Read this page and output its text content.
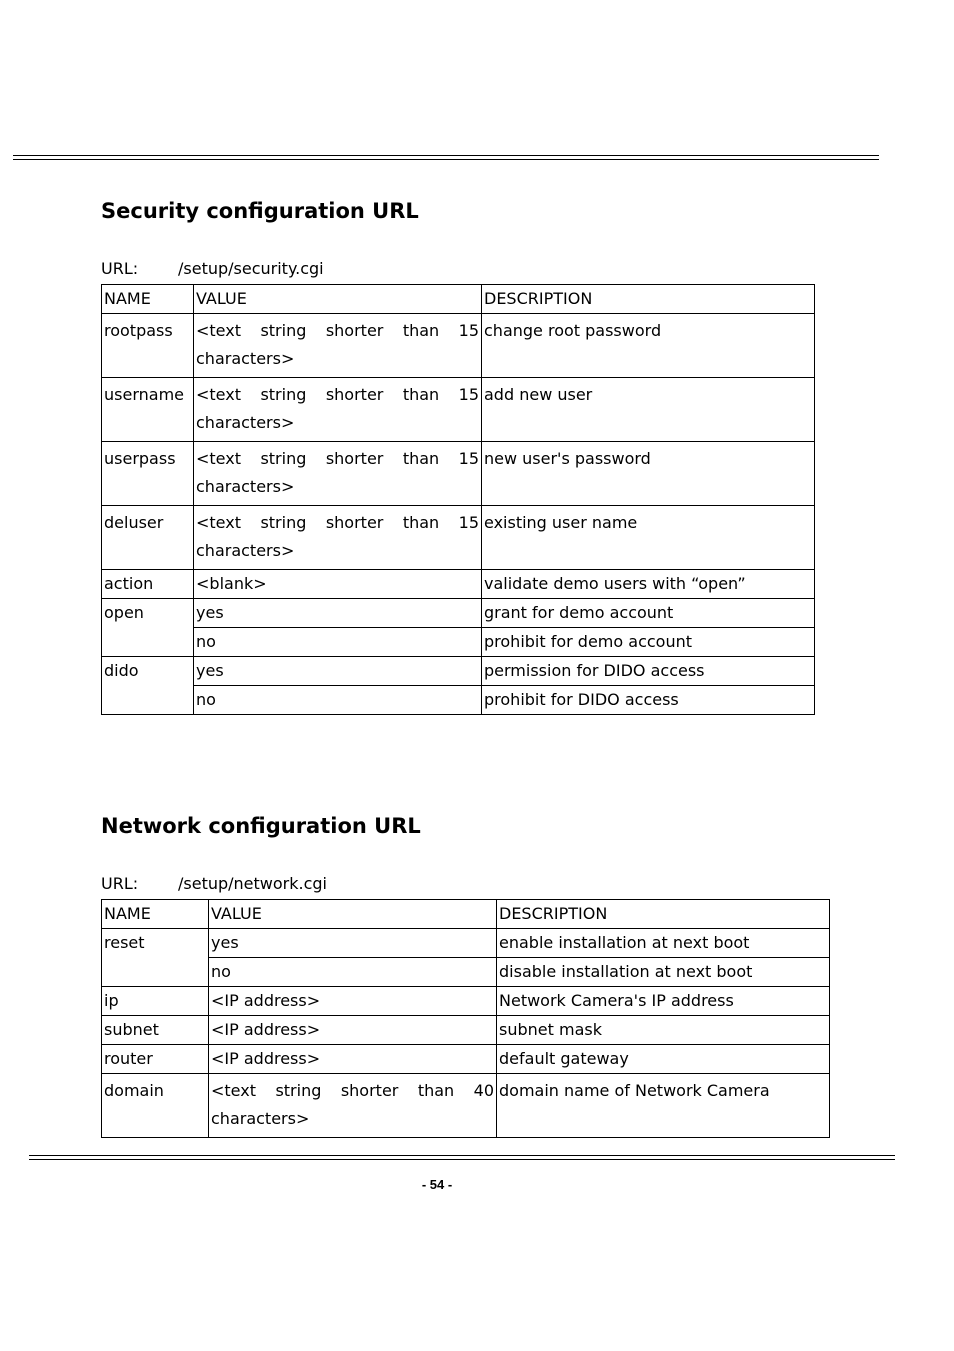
Security configuration URL
URL: /setup/security.cgi
NAME	VALUE	DESCRIPTION
rootpass	<text string shorter than 15 characters>	change root password
username	<text string shorter than 15 characters>	add new user
userpass	<text string shorter than 15 characters>	new user's password
deluser	<text string shorter than 15 characters>	existing user name
action	<blank>	validate demo users with “open”
open	yes	grant for demo account
	no	prohibit for demo account
dido	yes	permission for DIDO access
	no	prohibit for DIDO access
Network configuration URL
URL: /setup/network.cgi
NAME	VALUE	DESCRIPTION
reset	yes	enable installation at next boot
	no	disable installation at next boot
ip	<IP address>	Network Camera's IP address
subnet	<IP address>	subnet mask
router	<IP address>	default gateway
domain	<text string shorter than 40 characters>	domain name of Network Camera
- 54 -
